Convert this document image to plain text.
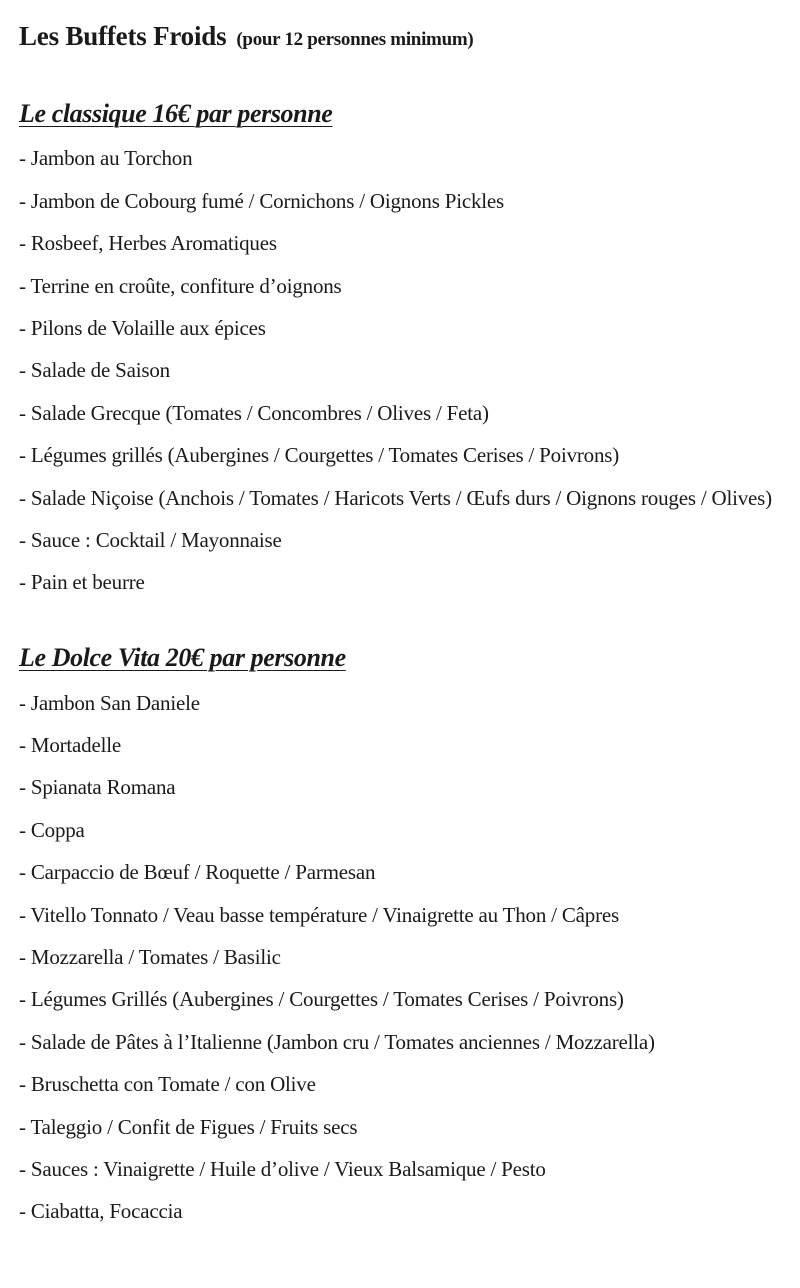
Les Buffets Froids (pour 12 personnes minimum)
Le classique 16€ par personne
- Jambon au Torchon
- Jambon de Cobourg fumé / Cornichons / Oignons Pickles
- Rosbeef, Herbes Aromatiques
- Terrine en croûte, confiture d’oignons
- Pilons de Volaille aux épices
- Salade de Saison
- Salade Grecque (Tomates / Concombres / Olives / Feta)
- Légumes grillés (Aubergines / Courgettes / Tomates Cerises / Poivrons)
- Salade Niçoise (Anchois / Tomates / Haricots Verts / Œufs durs / Oignons rouges / Olives)
- Sauce : Cocktail / Mayonnaise
- Pain et beurre
Le Dolce Vita 20€ par personne
- Jambon San Daniele
- Mortadelle
- Spianata Romana
- Coppa
- Carpaccio de Bœuf / Roquette / Parmesan
- Vitello Tonnato / Veau basse température / Vinaigrette au Thon / Câpres
- Mozzarella / Tomates / Basilic
- Légumes Grillés (Aubergines / Courgettes / Tomates Cerises / Poivrons)
- Salade de Pâtes à l’Italienne (Jambon cru / Tomates anciennes / Mozzarella)
- Bruschetta con Tomate / con Olive
- Taleggio / Confit de Figues / Fruits secs
- Sauces : Vinaigrette / Huile d’olive / Vieux Balsamique / Pesto
- Ciabatta, Focaccia
